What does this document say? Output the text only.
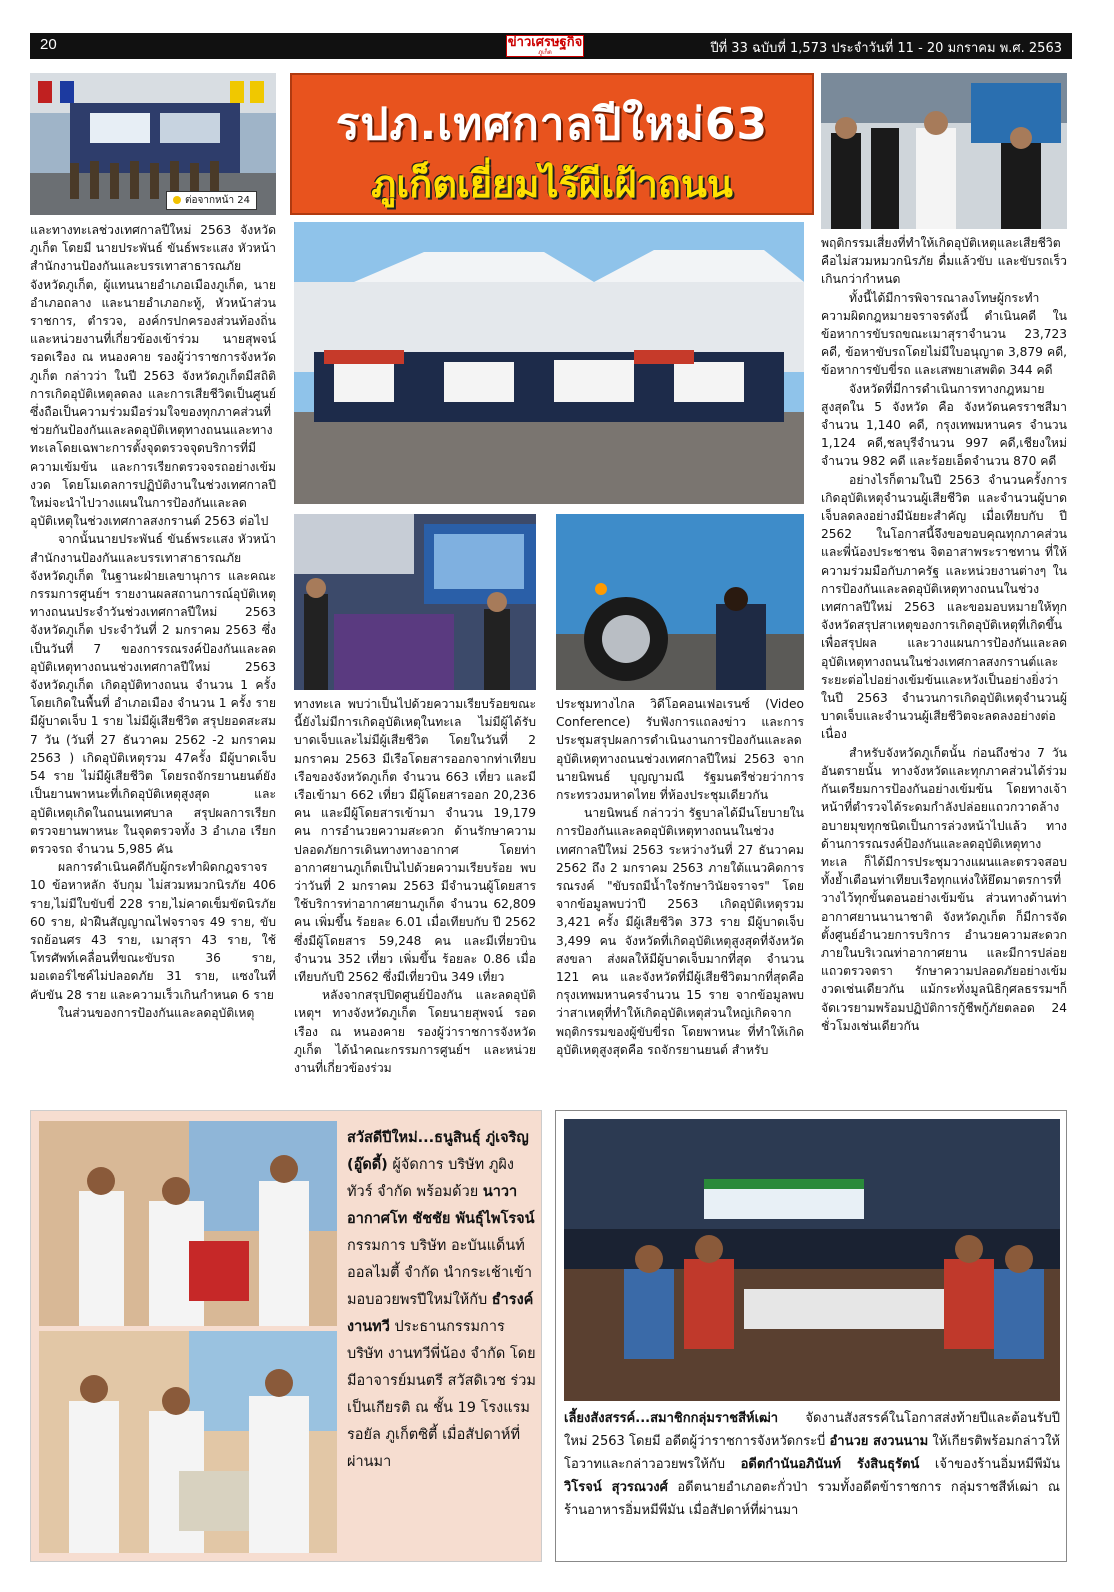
20	ข่าวเศรษฐกิจ
ภูเก็ต	ปีที่ 33 ฉบับที่ 1,573 ประจำวันที่ 11 - 20 มกราคม พ.ศ. 2563
ต่อจากหน้า 24
รปภ.เทศกาลปีใหม่63
ภูเก็ตเยี่ยมไร้ผีเฝ้าถนน

และทางทะเลช่วงเทศกาลปีใหม่ 2563 จังหวัดภูเก็ต โดยมี นายประพันธ์ ขันธ์พระแสง หัวหน้าสำนักงานป้องกันและบรรเทาสาธารณภัยจังหวัดภูเก็ต, ผู้แทนนายอำเภอเมืองภูเก็ต, นายอำเภอถลาง และนายอำเภอกะทู้, หัวหน้าส่วนราชการ, ตำรวจ, องค์กรปกครองส่วนท้องถิ่น และหน่วยงานที่เกี่ยวข้องเข้าร่วม นายสุพจน์ รอดเรือง ณ หนองคาย รองผู้ว่าราชการจังหวัดภูเก็ต กล่าวว่า ในปี 2563 จังหวัดภูเก็ตมีสถิติการเกิดอุบัติเหตุลดลง และการเสียชีวิตเป็นศูนย์ ซึ่งถือเป็นความร่วมมือร่วมใจของทุกภาคส่วนที่ช่วยกันป้องกันและลดอุบัติเหตุทางถนนและทางทะเลโดยเฉพาะการตั้งจุดตรวจจุดบริการที่มีความเข้มข้น และการเรียกตรวจจรถอย่างเข้มงวด โดยโมเดลการปฏิบัติงานในช่วงเทศกาลปีใหม่จะนำไปวางแผนในการป้องกันและลดอุบัติเหตุในช่วงเทศกาลสงกรานต์ 2563 ต่อไป

จากนั้นนายประพันธ์ ขันธ์พระแสง หัวหน้าสำนักงานป้องกันและบรรเทาสาธารณภัยจังหวัดภูเก็ต ในฐานะฝ่ายเลขานุการ และคณะกรรมการศูนย์ฯ รายงานผลสถานการณ์อุบัติเหตุทางถนนประจำวันช่วงเทศกาลปีใหม่ 2563 จังหวัดภูเก็ต ประจำวันที่ 2 มกราคม 2563 ซึ่งเป็นวันที่ 7 ของการรณรงค์ป้องกันและลดอุบัติเหตุทางถนนช่วงเทศกาลปีใหม่ 2563 จังหวัดภูเก็ต เกิดอุบัติทางถนน จำนวน 1 ครั้ง โดยเกิดในพื้นที่ อำเภอเมือง จำนวน 1 ครั้ง ราย มีผู้บาดเจ็บ 1 ราย ไม่มีผู้เสียชีวิต สรุปยอดสะสม 7 วัน (วันที่ 27 ธันวาคม 2562 -2 มกราคม 2563 ) เกิดอุบัติเหตุรวม 47ครั้ง มีผู้บาดเจ็บ 54 ราย ไม่มีผู้เสียชีวิต โดยรถจักรยานยนต์ยังเป็นยานพาหนะที่เกิดอุบัติเหตุสูงสุด และอุบัติเหตุเกิดในถนนเทศบาล สรุปผลการเรียกตรวจยานพาหนะ ในจุดตรวจทั้ง 3 อำเภอ เรียกตรวจรถ จำนวน 5,985 คัน

ผลการดำเนินคดีกับผู้กระทำผิดกฎจราจร 10 ข้อหาหลัก จับกุม ไม่สวมหมวกนิรภัย 406 ราย,ไม่มีใบขับขี่ 228 ราย,ไม่คาดเข็มขัดนิรภัย 60 ราย, ฝ่าฝืนสัญญาณไฟจราจร 49 ราย, ขับรถย้อนศร 43 ราย, เมาสุรา 43 ราย, ใช้โทรศัพท์เคลื่อนที่ขณะขับรถ 36 ราย, มอเตอร์ไซค์ไม่ปลอดภัย 31 ราย, แซงในที่คับขัน 28 ราย และความเร็วเกินกำหนด 6 ราย

ในส่วนของการป้องกันและลดอุบัติเหตุ

ทางทะเล พบว่าเป็นไปด้วยความเรียบร้อยขณะนี้ยังไม่มีการเกิดอุบัติเหตุในทะเล ไม่มีผู้ได้รับบาดเจ็บและไม่มีผู้เสียชีวิต โดยในวันที่ 2 มกราคม 2563 มีเรือโดยสารออกจากท่าเทียบเรือของจังหวัดภูเก็ต จำนวน 663 เที่ยว และมีเรือเข้ามา 662 เที่ยว มีผู้โดยสารออก 20,236 คน และมีผู้โดยสารเข้ามา จำนวน 19,179 คน การอำนวยความสะดวก ด้านรักษาความปลอดภัยการเดินทางทางอากาศ โดยท่าอากาศยานภูเก็ตเป็นไปด้วยความเรียบร้อย พบว่าวันที่ 2 มกราคม 2563 มีจำนวนผู้โดยสารใช้บริการท่าอากาศยานภูเก็ต จำนวน 62,809 คน เพิ่มขึ้น ร้อยละ 6.01 เมื่อเทียบกับ ปี 2562 ซึ่งมีผู้โดยสาร 59,248 คน และมีเที่ยวบิน จำนวน 352 เที่ยว เพิ่มขึ้น ร้อยละ 0.86 เมื่อเทียบกับปี 2562 ซึ่งมีเที่ยวบิน 349 เที่ยว

หลังจากสรุปปิดศูนย์ป้องกัน และลดอุบัติเหตุฯ ทางจังหวัดภูเก็ต โดยนายสุพจน์ รอดเรือง ณ หนองคาย รองผู้ว่าราชการจังหวัดภูเก็ต ได้นำคณะกรรมการศูนย์ฯ และหน่วยงานที่เกี่ยวข้องร่วม

ประชุมทางไกล วิดีโอคอนเฟอเรนซ์ (Video Conference) รับฟังการแถลงข่าว และการประชุมสรุปผลการดำเนินงานการป้องกันและลดอุบัติเหตุทางถนนช่วงเทศกาลปีใหม่ 2563 จากนายนิพนธ์ บุญญามณี รัฐมนตรีช่วยว่าการกระทรวงมหาดไทย ที่ห้องประชุมเดียวกัน

นายนิพนธ์ กล่าวว่า รัฐบาลได้มีนโยบายในการป้องกันและลดอุบัติเหตุทางถนนในช่วงเทศกาลปีใหม่ 2563 ระหว่างวันที่ 27 ธันวาคม 2562 ถึง 2 มกราคม 2563 ภายใต้แนวคิดการรณรงค์ "ขับรถมีน้ำใจรักษาวินัยจราจร" โดยจากข้อมูลพบว่าปี 2563 เกิดอุบัติเหตุรวม 3,421 ครั้ง มีผู้เสียชีวิต 373 ราย มีผู้บาดเจ็บ 3,499 คน จังหวัดที่เกิดอุบัติเหตุสูงสุดที่จังหวัดสงขลา ส่งผลให้มีผู้บาดเจ็บมากที่สุด จำนวน 121 คน และจังหวัดที่มีผู้เสียชีวิตมากที่สุดคือกรุงเทพมหานครจำนวน 15 ราย จากข้อมูลพบว่าสาเหตุที่ทำให้เกิดอุบัติเหตุส่วนใหญ่เกิดจากพฤติกรรมของผู้ขับขี่รถ โดยพาหนะ ที่ทำให้เกิดอุบัติเหตุสูงสุดคือ รถจักรยานยนต์ สำหรับ

พฤติกรรมเสี่ยงที่ทำให้เกิดอุบัติเหตุและเสียชีวิตคือไม่สวมหมวกนิรภัย ดื่มแล้วขับ และขับรถเร็วเกินกว่ากำหนด

ทั้งนี้ได้มีการพิจารณาลงโทษผู้กระทำความผิดกฎหมายจราจรดังนี้ ดำเนินคดี ในข้อหาการขับรถขณะเมาสุราจำนวน 23,723 คดี, ข้อหาขับรถโดยไม่มีใบอนุญาต 3,879 คดี, ข้อหาการขับขี่รถ และเสพยาเสพติด 344 คดี

จังหวัดที่มีการดำเนินการทางกฎหมายสูงสุดใน 5 จังหวัด คือ จังหวัดนครราชสีมา จำนวน 1,140 คดี, กรุงเทพมหานคร จำนวน 1,124 คดี,ชลบุรีจำนวน 997 คดี,เชียงใหม่จำนวน 982 คดี และร้อยเอ็ดจำนวน 870 คดี

อย่างไรก็ตามในปี 2563 จำนวนครั้งการเกิดอุบัติเหตุจำนวนผู้เสียชีวิต และจำนวนผู้บาดเจ็บลดลงอย่างมีนัยยะสำคัญ เมื่อเทียบกับ ปี 2562 ในโอกาสนี้จึงขอขอบคุณทุกภาคส่วนและพี่น้องประชาชน จิตอาสาพระราชทาน ที่ให้ความร่วมมือกับภาครัฐ และหน่วยงานต่างๆ ในการป้องกันและลดอุบัติเหตุทางถนนในช่วงเทศกาลปีใหม่ 2563 และขอมอบหมายให้ทุกจังหวัดสรุปสาเหตุของการเกิดอุบัติเหตุที่เกิดขึ้นเพื่อสรุปผล และวางแผนการป้องกันและลดอุบัติเหตุทางถนนในช่วงเทศกาลสงกรานต์และระยะต่อไปอย่างเข้มข้นและหวังเป็นอย่างยิ่งว่าในปี 2563 จำนวนการเกิดอุบัติเหตุจำนวนผู้บาดเจ็บและจำนวนผู้เสียชีวิตจะลดลงอย่างต่อเนื่อง

สำหรับจังหวัดภูเก็ตนั้น ก่อนถึงช่วง 7 วันอันตรายนั้น ทางจังหวัดและทุกภาคส่วนได้ร่วมกันเตรียมการป้องกันอย่างเข้มข้น โดยทางเจ้าหน้าที่ตำรวจได้ระดมกำลังปล่อยแถวกวาดล้างอบายมุขทุกชนิดเป็นการล่วงหน้าไปแล้ว ทางด้านการรณรงค์ป้องกันและลดอุบัติเหตุทางทะเล ก็ได้มีการประชุมวางแผนและตรวจสอบ ทั้งย้ำเตือนท่าเทียบเรือทุกแห่งให้ยึดมาตรการที่วางไว้ทุกขั้นตอนอย่างเข้มข้น ส่วนทางด้านท่าอากาศยานนานาชาติ จังหวัดภูเก็ต ก็มีการจัดตั้งศูนย์อำนวยการบริการ อำนวยความสะดวกภายในบริเวณท่าอากาศยาน และมีการปล่อยแถวตรวจตรา รักษาความปลอดภัยอย่างเข้มงวดเช่นเดียวกัน แม้กระทั่งมูลนิธิกุศลธรรมฯก็จัดเวรยามพร้อมปฏิบัติการกู้ชีพกู้ภัยตลอด 24 ชั่วโมงเช่นเดียวกัน

สวัสดีปีใหม่...ธนูสินธุ์ ภู่เจริญ (อู๊ดดี้) ผู้จัดการ บริษัท ภูผิงทัวร์ จำกัด พร้อมด้วย นาวาอากาศโท ชัชชัย พันธุ์ไพโรจน์ กรรมการ บริษัท อะบันแด็นท์ ออลไมตี้ จำกัด นำกระเช้าเข้ามอบอวยพรปีใหม่ให้กับ ธำรงค์ งานทวี ประธานกรรมการ บริษัท งานทวีพี่น้อง จำกัด โดยมีอาจารย์มนตรี สวัสดิเวช ร่วมเป็นเกียรติ ณ ชั้น 19 โรงแรมรอยัล ภูเก็ตซิตี้ เมื่อสัปดาห์ที่ผ่านมา
เลี้ยงสังสรรค์...สมาชิกกลุ่มราชสีห์เฒ่า จัดงานสังสรรค์ในโอกาสส่งท้ายปีและต้อนรับปีใหม่ 2563 โดยมี อดีตผู้ว่าราชการจังหวัดกระบี่ อำนวย สงวนนาม ให้เกียรติพร้อมกล่าวให้โอวาทและกล่าวอวยพรให้กับ อดีตกำนันอภินันท์ รังสินธุรัตน์ เจ้าของร้านอิ่มหมีพีมัน วิโรจน์ สุวรณวงศ์ อดีตนายอำเภอตะกั่วป่า รวมทั้งอดีตข้าราชการ กลุ่มราชสีห์เฒ่า ณ ร้านอาหารอิ่มหมีพีมัน เมื่อสัปดาห์ที่ผ่านมา
